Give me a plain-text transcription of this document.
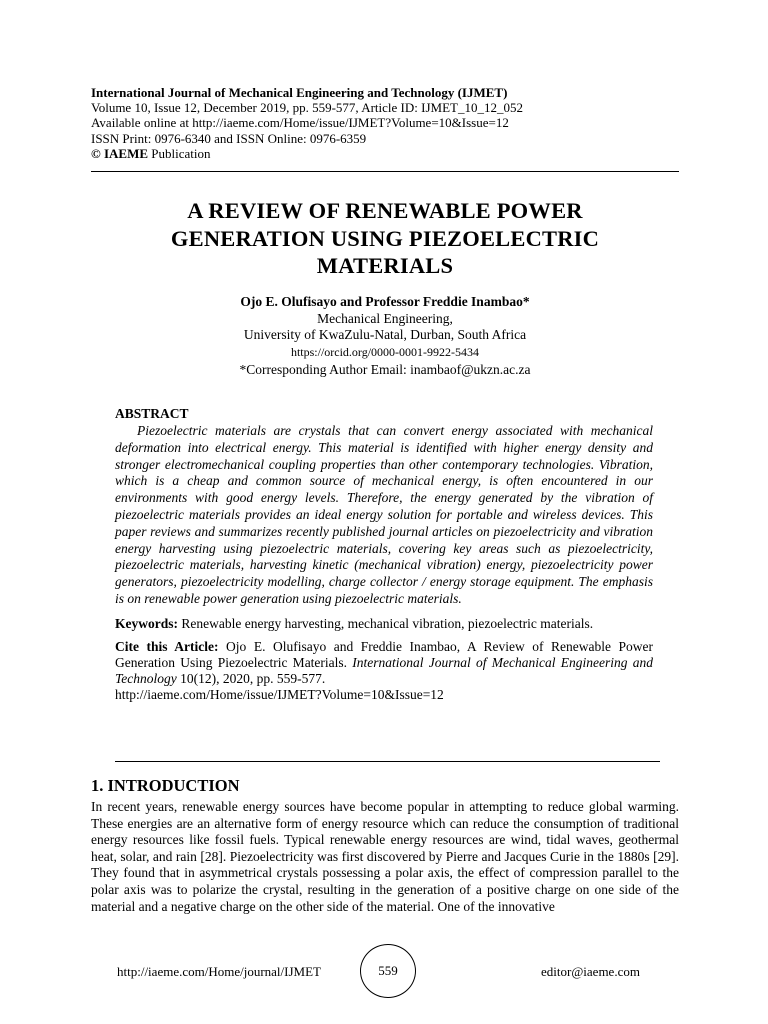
International Journal of Mechanical Engineering and Technology (IJMET)
Volume 10, Issue 12, December 2019, pp. 559-577, Article ID: IJMET_10_12_052
Available online at http://iaeme.com/Home/issue/IJMET?Volume=10&Issue=12
ISSN Print: 0976-6340 and ISSN Online: 0976-6359
© IAEME Publication
A REVIEW OF RENEWABLE POWER
GENERATION USING PIEZOELECTRIC
MATERIALS
Ojo E. Olufisayo and Professor Freddie Inambao*
Mechanical Engineering,
University of KwaZulu-Natal, Durban, South Africa
https://orcid.org/0000-0001-9922-5434
*Corresponding Author Email: inambaof@ukzn.ac.za
ABSTRACT

Piezoelectric materials are crystals that can convert energy associated with mechanical deformation into electrical energy. This material is identified with higher energy density and stronger electromechanical coupling properties than other contemporary technologies. Vibration, which is a cheap and common source of mechanical energy, is often encountered in our environments with good energy levels. Therefore, the energy generated by the vibration of piezoelectric materials provides an ideal energy solution for portable and wireless devices. This paper reviews and summarizes recently published journal articles on piezoelectricity and vibration energy harvesting using piezoelectric materials, covering key areas such as piezoelectricity, piezoelectric materials, harvesting kinetic (mechanical vibration) energy, piezoelectricity power generators, piezoelectricity modelling, charge collector / energy storage equipment. The emphasis is on renewable power generation using piezoelectric materials.

Keywords: Renewable energy harvesting, mechanical vibration, piezoelectric materials.
Cite this Article: Ojo E. Olufisayo and Freddie Inambao, A Review of Renewable Power Generation Using Piezoelectric Materials. International Journal of Mechanical Engineering and Technology 10(12), 2020, pp. 559-577.
http://iaeme.com/Home/issue/IJMET?Volume=10&Issue=12
1. INTRODUCTION

In recent years, renewable energy sources have become popular in attempting to reduce global warming. These energies are an alternative form of energy resource which can reduce the consumption of traditional energy resources like fossil fuels. Typical renewable energy resources are wind, tidal waves, geothermal heat, solar, and rain [28]. Piezoelectricity was first discovered by Pierre and Jacques Curie in the 1880s [29]. They found that in asymmetrical crystals possessing a polar axis, the effect of compression parallel to the polar axis was to polarize the crystal, resulting in the generation of a positive charge on one side of the material and a negative charge on the other side of the material. One of the innovative

http://iaeme.com/Home/journal/IJMET	559	editor@iaeme.com
